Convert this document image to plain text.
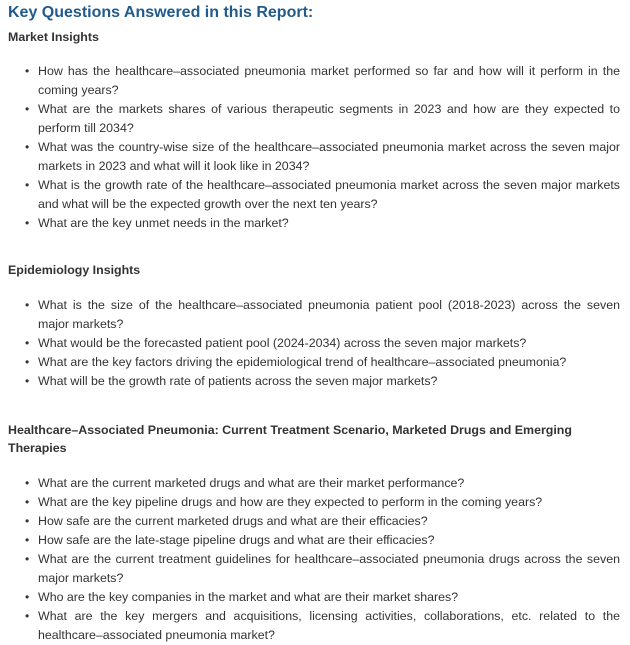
Key Questions Answered in this Report:
Market Insights
• How has the healthcare–associated pneumonia market performed so far and how will it perform in the coming years?
• What are the markets shares of various therapeutic segments in 2023 and how are they expected to perform till 2034?
• What was the country-wise size of the healthcare–associated pneumonia market across the seven major markets in 2023 and what will it look like in 2034?
• What is the growth rate of the healthcare–associated pneumonia market across the seven major markets and what will be the expected growth over the next ten years?
• What are the key unmet needs in the market?
Epidemiology Insights
• What is the size of the healthcare–associated pneumonia patient pool (2018-2023) across the seven major markets?
• What would be the forecasted patient pool (2024-2034) across the seven major markets?
• What are the key factors driving the epidemiological trend of healthcare–associated pneumonia?
• What will be the growth rate of patients across the seven major markets?
Healthcare–Associated Pneumonia: Current Treatment Scenario, Marketed Drugs and Emerging Therapies
• What are the current marketed drugs and what are their market performance?
• What are the key pipeline drugs and how are they expected to perform in the coming years?
• How safe are the current marketed drugs and what are their efficacies?
• How safe are the late-stage pipeline drugs and what are their efficacies?
• What are the current treatment guidelines for healthcare–associated pneumonia drugs across the seven major markets?
• Who are the key companies in the market and what are their market shares?
• What are the key mergers and acquisitions, licensing activities, collaborations, etc. related to the healthcare–associated pneumonia market?
